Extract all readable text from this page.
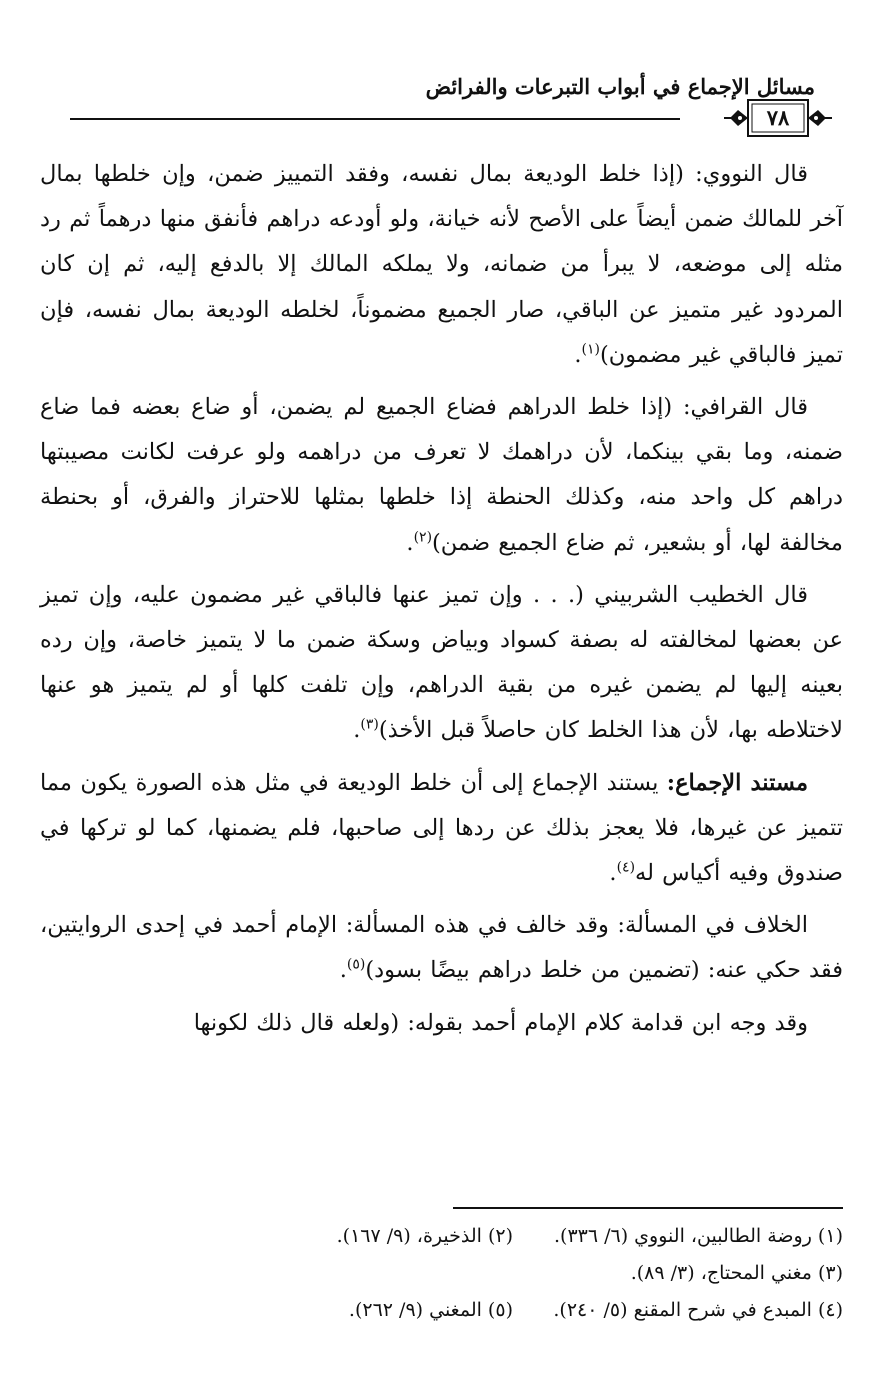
مسائل الإجماع في أبواب التبرعات والفرائض
٧٨

قال النووي: (إذا خلط الوديعة بمال نفسه، وفقد التمييز ضمن، وإن خلطها بمال آخر للمالك ضمن أيضاً على الأصح لأنه خيانة، ولو أودعه دراهم فأنفق منها درهماً ثم رد مثله إلى موضعه، لا يبرأ من ضمانه، ولا يملكه المالك إلا بالدفع إليه، ثم إن كان المردود غير متميز عن الباقي، صار الجميع مضموناً، لخلطه الوديعة بمال نفسه، فإن تميز فالباقي غير مضمون)$^{(١)}$.

قال القرافي: (إذا خلط الدراهم فضاع الجميع لم يضمن، أو ضاع بعضه فما ضاع ضمنه، وما بقي بينكما، لأن دراهمك لا تعرف من دراهمه ولو عرفت لكانت مصيبتها دراهم كل واحد منه، وكذلك الحنطة إذا خلطها بمثلها للاحتراز والفرق، أو بحنطة مخالفة لها، أو بشعير، ثم ضاع الجميع ضمن)$^{(٢)}$.

قال الخطيب الشربيني (. . . وإن تميز عنها فالباقي غير مضمون عليه، وإن تميز عن بعضها لمخالفته له بصفة كسواد وبياض وسكة ضمن ما لا يتميز خاصة، وإن رده بعينه إليها لم يضمن غيره من بقية الدراهم، وإن تلفت كلها أو لم يتميز هو عنها لاختلاطه بها، لأن هذا الخلط كان حاصلاً قبل الأخذ)$^{(٣)}$.

مستند الإجماع: يستند الإجماع إلى أن خلط الوديعة في مثل هذه الصورة يكون مما تتميز عن غيرها، فلا يعجز بذلك عن ردها إلى صاحبها، فلم يضمنها، كما لو تركها في صندوق وفيه أكياس له$^{(٤)}$.

الخلاف في المسألة: وقد خالف في هذه المسألة: الإمام أحمد في إحدى الروايتين، فقد حكي عنه: (تضمين من خلط دراهم بيضًا بسود)$^{(٥)}$.

وقد وجه ابن قدامة كلام الإمام أحمد بقوله: (ولعله قال ذلك لكونها

(١) روضة الطالبين، النووي (٦/ ٣٣٦).
(٢) الذخيرة، (٩/ ١٦٧).
(٣) مغني المحتاج، (٣/ ٨٩).
(٤) المبدع في شرح المقنع (٥/ ٢٤٠).
(٥) المغني (٩/ ٢٦٢).
